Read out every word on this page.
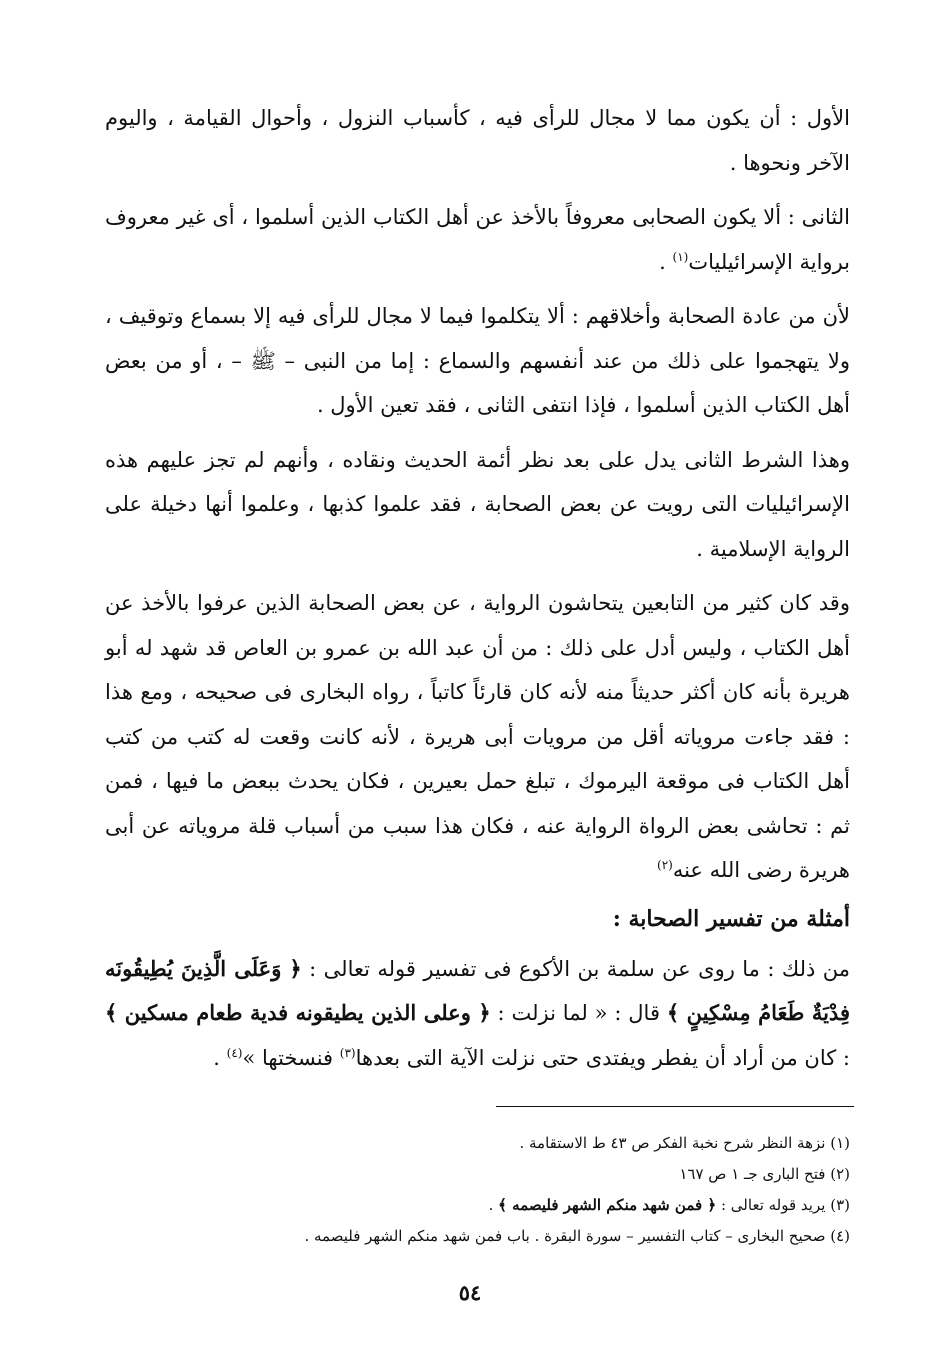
الأول : أن يكون مما لا مجال للرأى فيه ، كأسباب النزول ، وأحوال القيامة ، واليوم الآخر ونحوها .

الثانى : ألا يكون الصحابى معروفاً بالأخذ عن أهل الكتاب الذين أسلموا ، أى غير معروف برواية الإسرائيليات$^{(١)}$ .

لأن من عادة الصحابة وأخلاقهم : ألا يتكلموا فيما لا مجال للرأى فيه إلا بسماع وتوقيف ، ولا يتهجموا على ذلك من عند أنفسهم والسماع : إما من النبى – ﷺ – ، أو من بعض أهل الكتاب الذين أسلموا ، فإذا انتفى الثانى ، فقد تعين الأول .

وهذا الشرط الثانى يدل على بعد نظر أئمة الحديث ونقاده ، وأنهم لم تجز عليهم هذه الإسرائيليات التى رويت عن بعض الصحابة ، فقد علموا كذبها ، وعلموا أنها دخيلة على الرواية الإسلامية .

وقد كان كثير من التابعين يتحاشون الرواية ، عن بعض الصحابة الذين عرفوا بالأخذ عن أهل الكتاب ، وليس أدل على ذلك : من أن عبد الله بن عمرو بن العاص قد شهد له أبو هريرة بأنه كان أكثر حديثاً منه لأنه كان قارئاً كاتباً ، رواه البخارى فى صحيحه ، ومع هذا : فقد جاءت مروياته أقل من مرويات أبى هريرة ، لأنه كانت وقعت له كتب من كتب أهل الكتاب فى موقعة اليرموك ، تبلغ حمل بعيرين ، فكان يحدث ببعض ما فيها ، فمن ثم : تحاشى بعض الرواة الرواية عنه ، فكان هذا سبب من أسباب قلة مروياته عن أبى هريرة رضى الله عنه$^{(٢)}$

أمثلة من تفسير الصحابة :

من ذلك : ما روى عن سلمة بن الأكوع فى تفسير قوله تعالى : ﴿ وَعَلَى الَّذِينَ يُطِيقُونَه فِدْيَةٌ طَعَامُ مِسْكِينٍ ﴾ قال : « لما نزلت : ﴿ وعلى الذين يطيقونه فدية طعام مسكين ﴾ : كان من أراد أن يفطر ويفتدى حتى نزلت الآية التى بعدها$^{(٣)}$ فنسختها »$^{(٤)}$ .

(١) نزهة النظر شرح نخبة الفكر ص ٤٣ ط الاستقامة .
(٢) فتح البارى جـ ١ ص ١٦٧
(٣) يريد قوله تعالى : ﴿ فمن شهد منكم الشهر فليصمه ﴾ .
(٤) صحيح البخارى – كتاب التفسير – سورة البقرة . باب فمن شهد منكم الشهر فليصمه .
٥٤
